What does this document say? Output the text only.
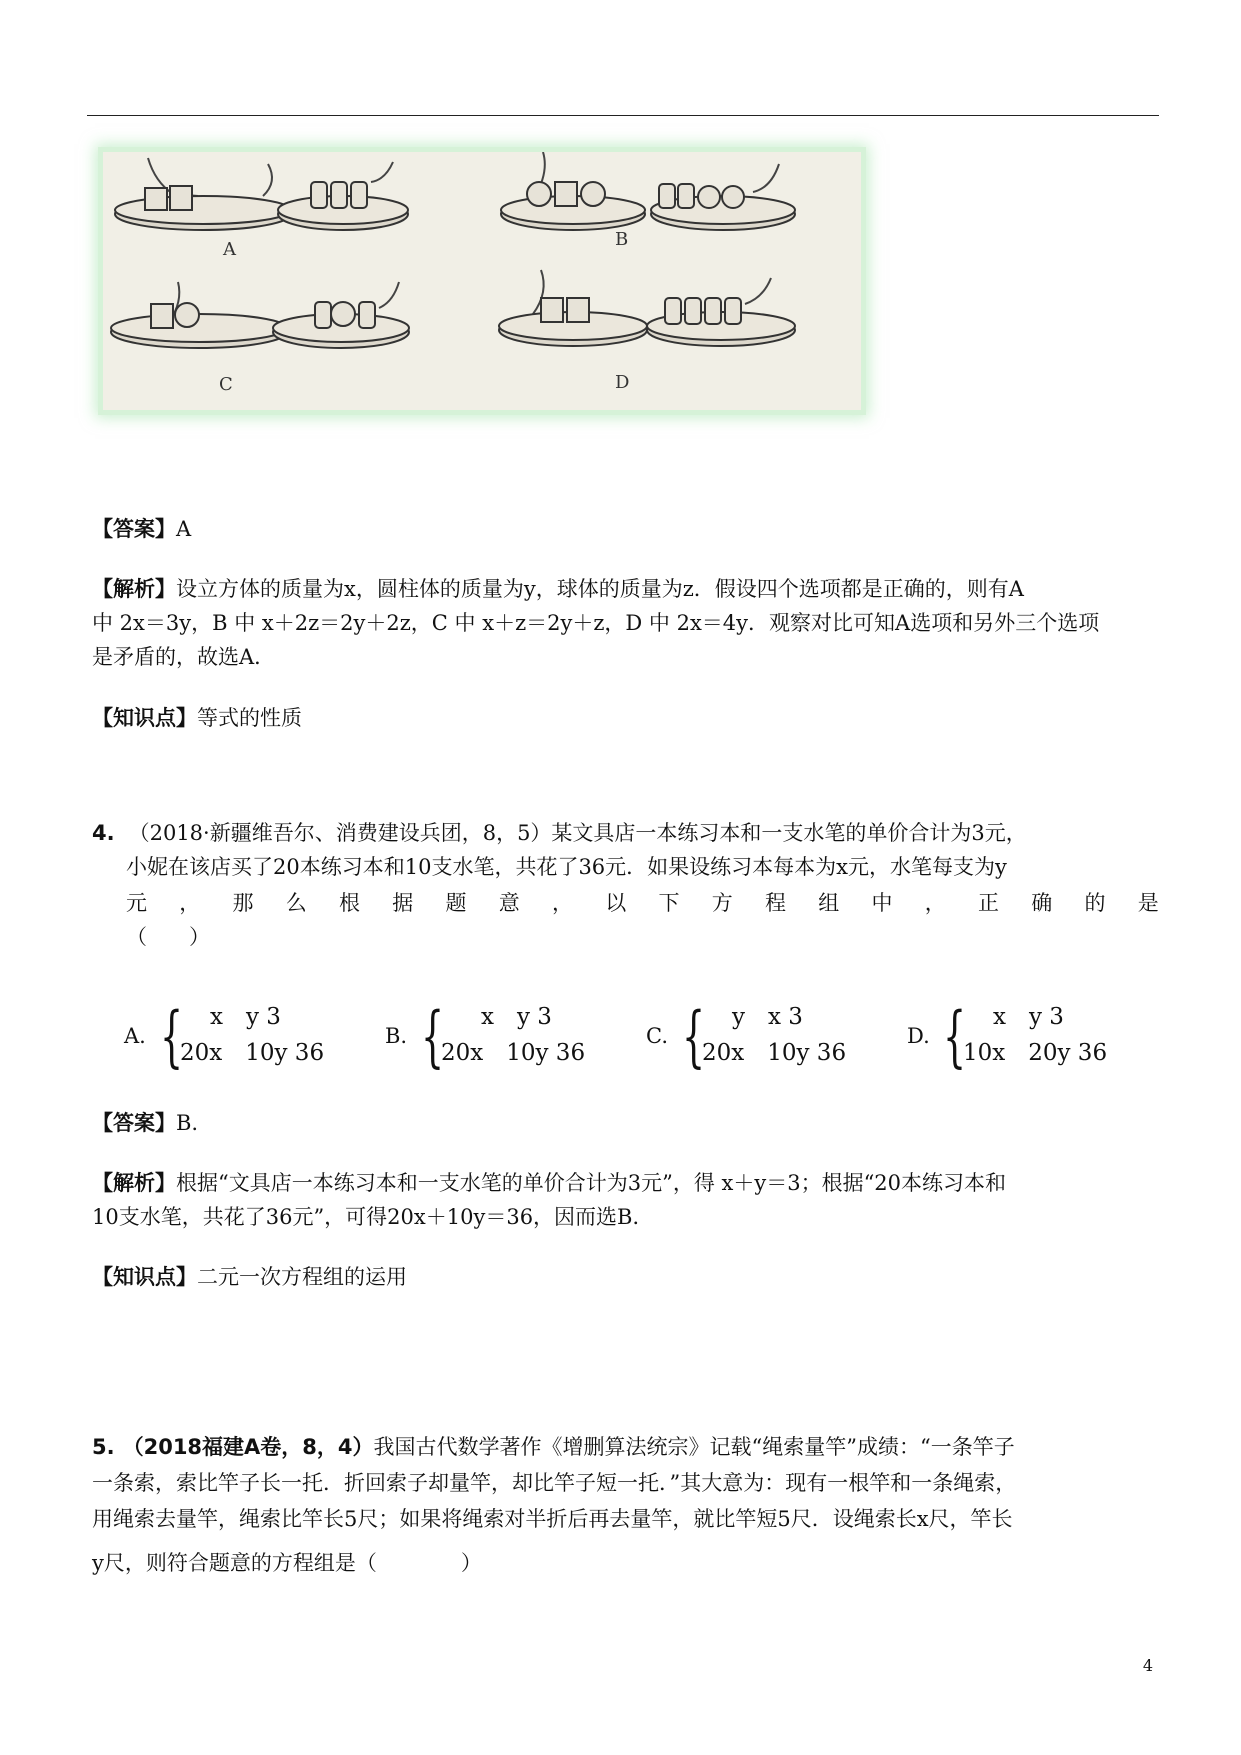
A	B
C	D
【答案】A
【解析】设立方体的质量为x，圆柱体的质量为y，球体的质量为z．假设四个选项都是正确的，则有A
中 2x＝3y，B 中 x＋2z＝2y＋2z，C 中 x＋z＝2y＋z，D 中 2x＝4y．观察对比可知A选项和另外三个选项
是矛盾的，故选A．
【知识点】等式的性质
4. （2018·新疆维吾尔、消费建设兵团，8，5）某文具店一本练习本和一支水笔的单价合计为3元，
小妮在该店买了20本练习本和10支水笔，共花了36元．如果设练习本每本为x元，水笔每支为y
元 ， 那 么 根 据 题 意 ， 以 下 方 程 组 中 ， 正 确 的 是
（　　）
A. { x　y 3
20x　10y 36
B. { x　y 3
20x　10y 36
C. { y　x 3
20x　10y 36
D. { x　y 3
10x　20y 36
【答案】B.
【解析】根据“文具店一本练习本和一支水笔的单价合计为3元”，得 x＋y＝3；根据“20本练习本和
10支水笔，共花了36元”，可得20x＋10y＝36，因而选B．
【知识点】二元一次方程组的运用
5. （2018福建A卷，8，4）我国古代数学著作《增删算法统宗》记载“绳索量竿”成绩：“一条竿子
一条索，索比竿子长一托．折回索子却量竿，却比竿子短一托．”其大意为：现有一根竿和一条绳索，
用绳索去量竿，绳索比竿长5尺；如果将绳索对半折后再去量竿，就比竿短5尺．设绳索长x尺，竿长
y尺，则符合题意的方程组是（　　　　）
4
